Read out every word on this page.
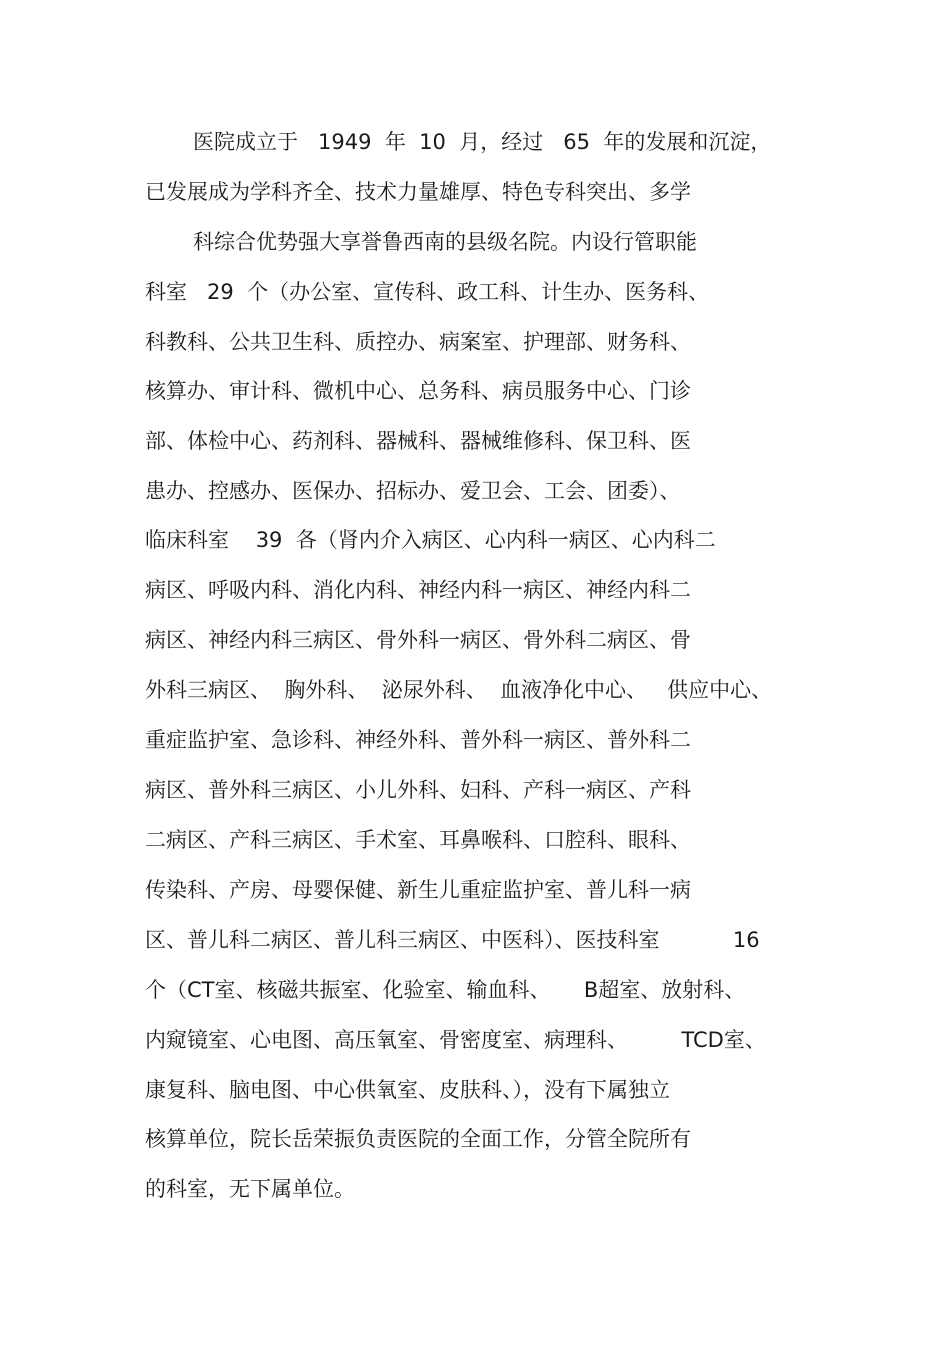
医院成立于   1949  年  10  月，经过   65  年的发展和沉淀，
已发展成为学科齐全、技术力量雄厚、特色专科突出、多学
科综合优势强大享誉鲁西南的县级名院。内设行管职能
科室   29  个（办公室、宣传科、政工科、计生办、医务科、
科教科、公共卫生科、质控办、病案室、护理部、财务科、
核算办、审计科、微机中心、总务科、病员服务中心、门诊
部、体检中心、药剂科、器械科、器械维修科、保卫科、医
患办、控感办、医保办、招标办、爱卫会、工会、团委）、
临床科室    39  各（肾内介入病区、心内科一病区、心内科二
病区、呼吸内科、消化内科、神经内科一病区、神经内科二
病区、神经内科三病区、骨外科一病区、骨外科二病区、骨
外科三病区、  胸外科、  泌尿外科、  血液净化中心、   供应中心、
重症监护室、急诊科、神经外科、普外科一病区、普外科二
病区、普外科三病区、小儿外科、妇科、产科一病区、产科
二病区、产科三病区、手术室、耳鼻喉科、口腔科、眼科、
传染科、产房、母婴保健、新生儿重症监护室、普儿科一病
区、普儿科二病区、普儿科三病区、中医科）、医技科室           16
个（CT室、核磁共振室、化验室、输血科、     B超室、放射科、
内窥镜室、心电图、高压氧室、骨密度室、病理科、        TCD室、
康复科、脑电图、中心供氧室、皮肤科、），没有下属独立
核算单位，院长岳荣振负责医院的全面工作，分管全院所有
的科室，无下属单位。
